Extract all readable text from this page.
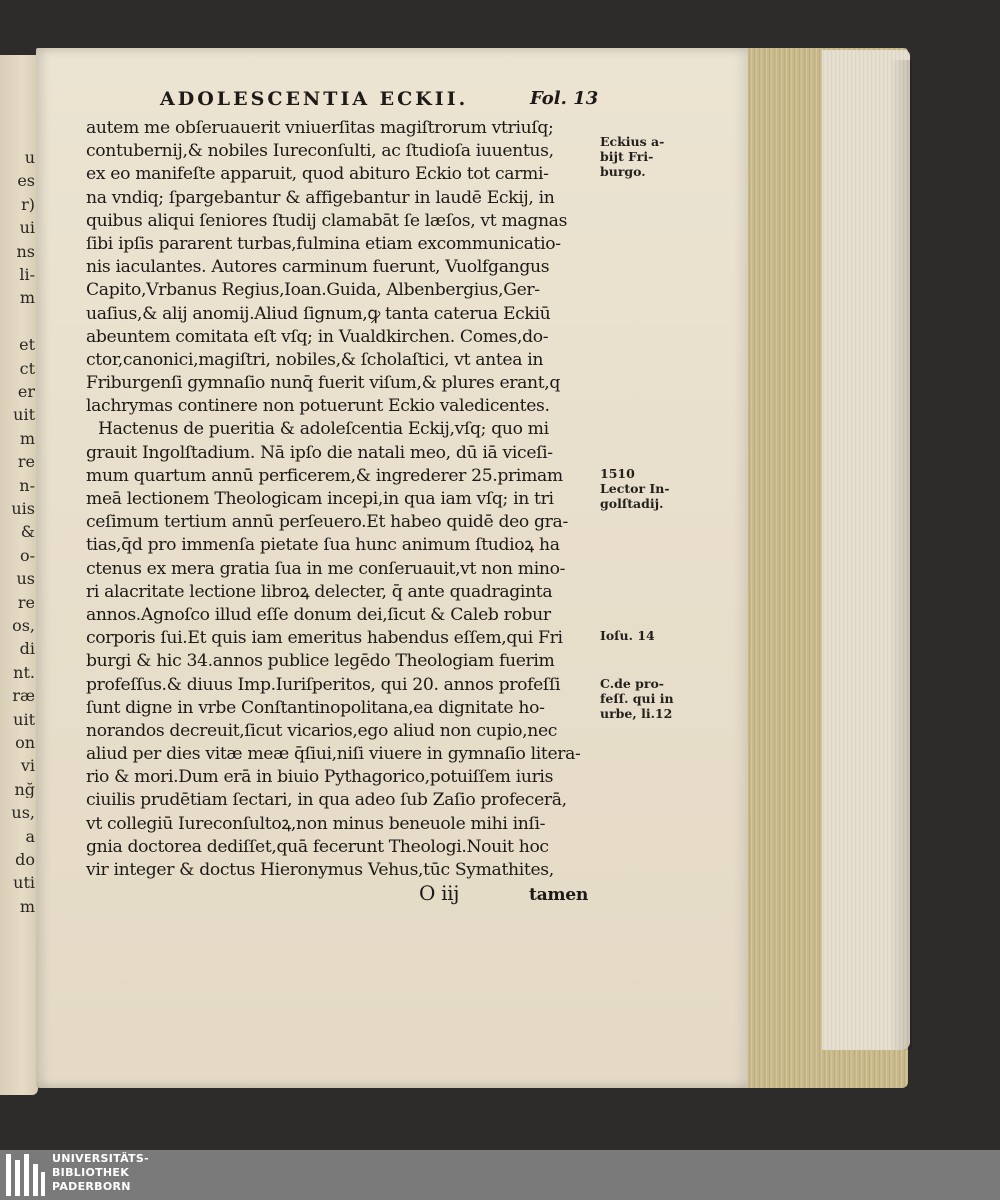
u
es
r)
ui
ns
li-
m
et
ct
er
uit
m
re
n-
uis
&
o-
us
re
os,
di
nt.
ræ
uit
on
vi
nğ
us,
a
do
uti
m
ADOLESCENTIA ECKII.	Fol. 13
autem me obſeruauerit vniuerſitas magiſtrorum vtriuſq;
contubernij,& nobiles Iureconſulti, ac ſtudioſa iuuentus,
ex eo manifeſte apparuit, quod abituro Eckio tot carmi-
na vndiq; ſpargebantur & affigebantur in laudē Eckij, in
quibus aliqui ſeniores ſtudij clamabāt ſe læſos, vt magnas
ſibi ipſis pararent turbas,fulmina etiam excommunicatio-
nis iaculantes. Autores carminum fuerunt, Vuolfgangus
Capito,Vrbanus Regius,Ioan.Guida, Albenbergius,Ger-
uaſius,& alij anomij.Aliud ſignum,ꝙ tanta caterua Eckiū
abeuntem comitata eſt vſq; in Vualdkirchen. Comes,do-
ctor,canonici,magiſtri, nobiles,& ſcholaſtici, vt antea in
Friburgenſi gymnaſio nunq̄ fuerit viſum,& plures erant,q
lachrymas continere non potuerunt Eckio valedicentes.
Hactenus de pueritia & adoleſcentia Eckij,vſq; quo mi
grauit Ingolſtadium. Nā ipſo die natali meo, dū iā viceſi-
mum quartum annū perficerem,& ingrederer 25.primam
meā lectionem Theologicam incepi,in qua iam vſq; in tri
ceſimum tertium annū perſeuero.Et habeo quidē deo gra-
tias,q̄d pro immenſa pietate ſua hunc animum ſtudioꝝ ha
ctenus ex mera gratia ſua in me conſeruauit,vt non mino-
ri alacritate lectione libroꝝ delecter, q̄ ante quadraginta
annos.Agnoſco illud eſſe donum dei,ſicut & Caleb robur
corporis ſui.Et quis iam emeritus habendus eſſem,qui Fri
burgi & hic 34.annos publice legēdo Theologiam fuerim
profeſſus.& diuus Imp.Iuriſperitos, qui 20. annos profeſſi
ſunt digne in vrbe Conſtantinopolitana,ea dignitate ho-
norandos decreuit,ſicut vicarios,ego aliud non cupio,nec
aliud per dies vitæ meæ q̄ſiui,niſi viuere in gymnaſio litera-
rio & mori.Dum erā in biuio Pythagorico,potuiſſem iuris
ciuilis prudētiam ſectari, in qua adeo ſub Zaſio profecerā,
vt collegiū Iureconſultoꝝ,non minus beneuole mihi inſi-
gnia doctorea dediſſet,quā fecerunt Theologi.Nouit hoc
vir integer & doctus Hieronymus Vehus,tūc Symathites,
O iij	tamen
Eckius a-
bijt Fri-
burgo.
1510
Lector In-
golſtadij.
Ioſu. 14
C.de pro-
feſſ. qui in
urbe, li.12
UNIVERSITÄTS-
BIBLIOTHEK
PADERBORN
